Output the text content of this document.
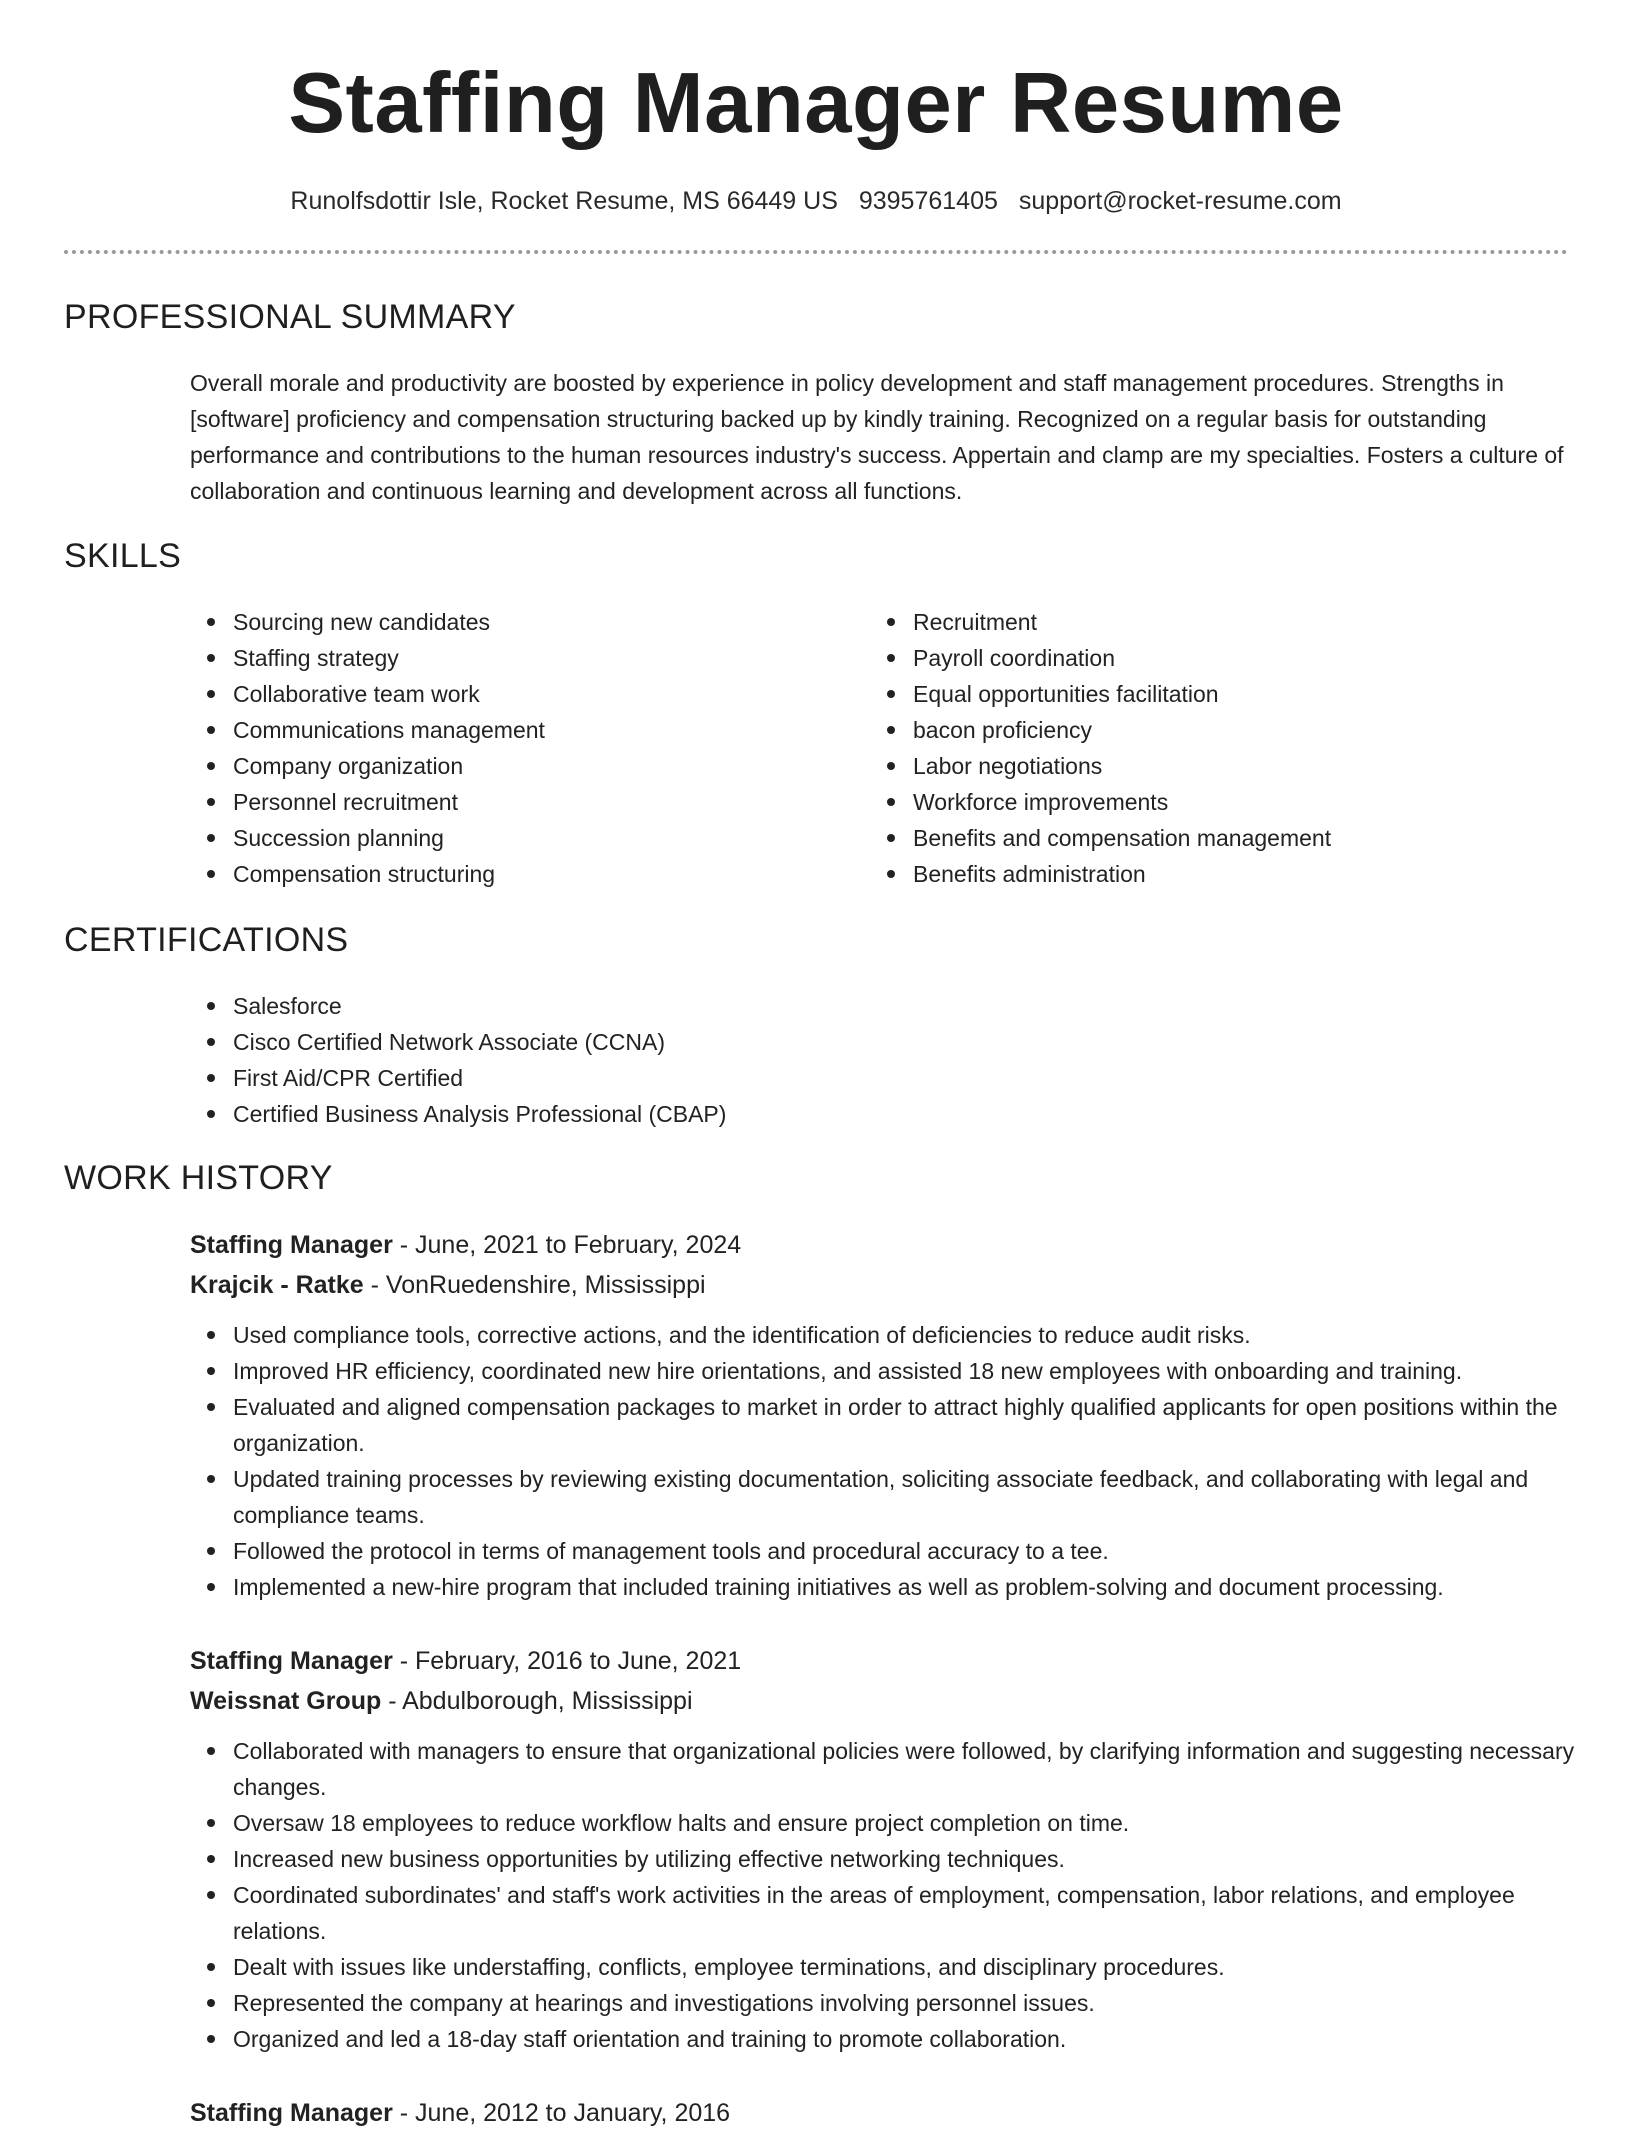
Staffing Manager Resume
Runolfsdottir Isle, Rocket Resume, MS 66449 US 9395761405 support@rocket-resume.com
PROFESSIONAL SUMMARY

Overall morale and productivity are boosted by experience in policy development and staff management procedures. Strengths in [software] proficiency and compensation structuring backed up by kindly training. Recognized on a regular basis for outstanding performance and contributions to the human resources industry's success. Appertain and clamp are my specialties. Fosters a culture of collaboration and continuous learning and development across all functions.

SKILLS
Sourcing new candidates
Staffing strategy
Collaborative team work
Communications management
Company organization
Personnel recruitment
Succession planning
Compensation structuring
Recruitment
Payroll coordination
Equal opportunities facilitation
bacon proficiency
Labor negotiations
Workforce improvements
Benefits and compensation management
Benefits administration
CERTIFICATIONS
Salesforce
Cisco Certified Network Associate (CCNA)
First Aid/CPR Certified
Certified Business Analysis Professional (CBAP)
WORK HISTORY
Staffing Manager - June, 2021 to February, 2024
Krajcik - Ratke - VonRuedenshire, Mississippi
Used compliance tools, corrective actions, and the identification of deficiencies to reduce audit risks.
Improved HR efficiency, coordinated new hire orientations, and assisted 18 new employees with onboarding and training.
Evaluated and aligned compensation packages to market in order to attract highly qualified applicants for open positions within the organization.
Updated training processes by reviewing existing documentation, soliciting associate feedback, and collaborating with legal and compliance teams.
Followed the protocol in terms of management tools and procedural accuracy to a tee.
Implemented a new-hire program that included training initiatives as well as problem-solving and document processing.
Staffing Manager - February, 2016 to June, 2021
Weissnat Group - Abdulborough, Mississippi
Collaborated with managers to ensure that organizational policies were followed, by clarifying information and suggesting necessary changes.
Oversaw 18 employees to reduce workflow halts and ensure project completion on time.
Increased new business opportunities by utilizing effective networking techniques.
Coordinated subordinates' and staff's work activities in the areas of employment, compensation, labor relations, and employee relations.
Dealt with issues like understaffing, conflicts, employee terminations, and disciplinary procedures.
Represented the company at hearings and investigations involving personnel issues.
Organized and led a 18-day staff orientation and training to promote collaboration.
Staffing Manager - June, 2012 to January, 2016
